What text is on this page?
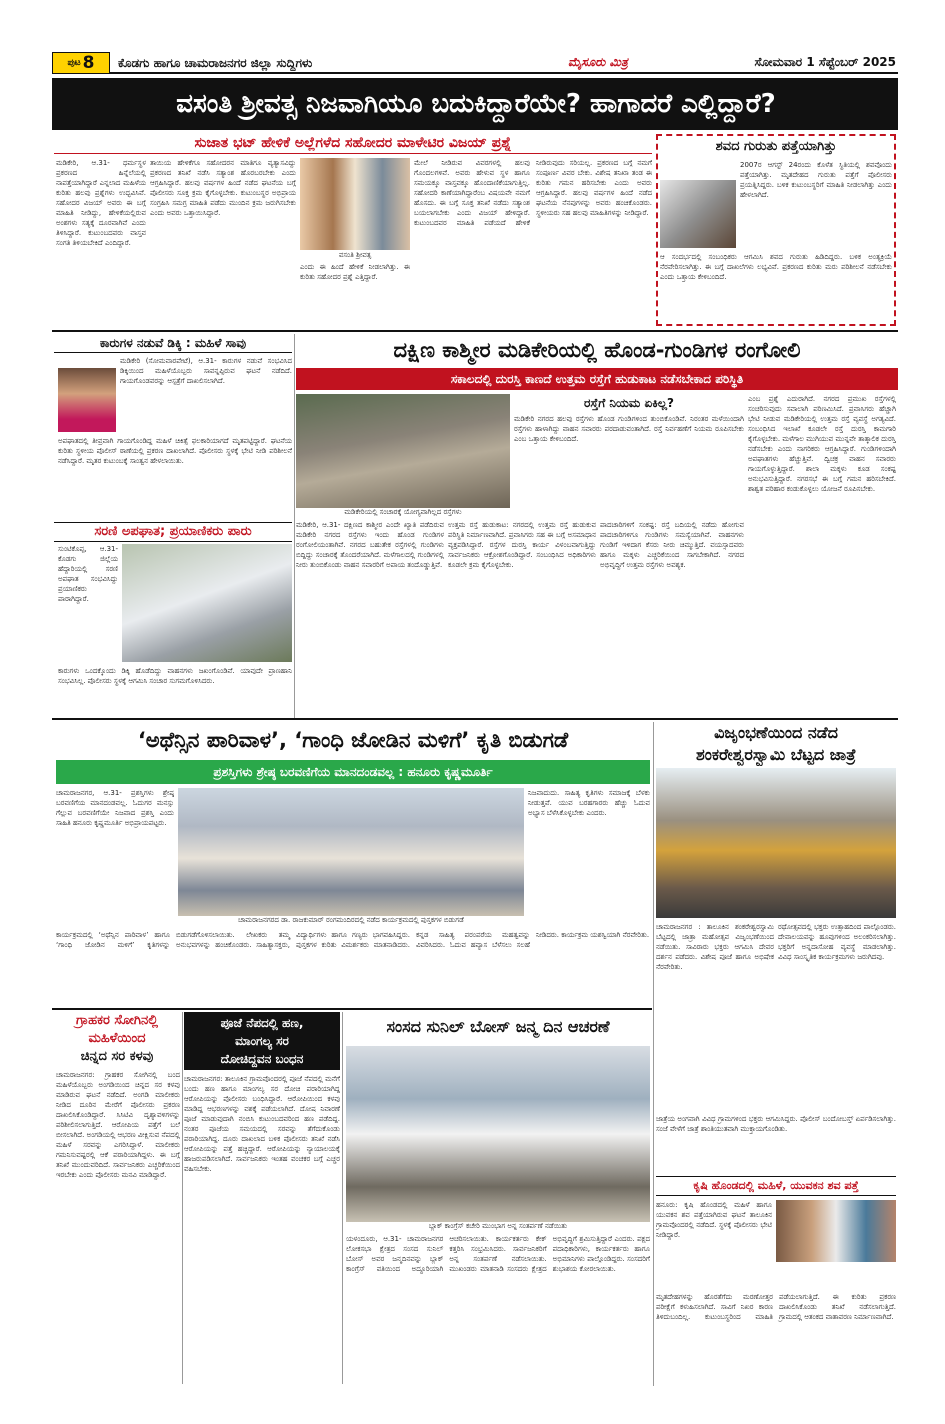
ಪುಟ 8 ಕೊಡಗು ಹಾಗೂ ಚಾಮರಾಜನಗರ ಜಿಲ್ಲಾ ಸುದ್ದಿಗಳು	ಮೈಸೂರು ಮಿತ್ರ	ಸೋಮವಾರ 1 ಸೆಪ್ಟೆಂಬರ್ 2025
ವಸಂತಿ ಶ್ರೀವತ್ಸ ನಿಜವಾಗಿಯೂ ಬದುಕಿದ್ದಾರೆಯೇ? ಹಾಗಾದರೆ ಎಲ್ಲಿದ್ದಾರೆ?
ಸುಜಾತ ಭಟ್ ಹೇಳಿಕೆ ಅಲ್ಲೆಗಳೆದ ಸಹೋದರ ಮಾಳೇಟಿರ ವಿಜಯ್ ಪ್ರಶ್ನೆ
ಮಡಿಕೇರಿ, ಆ.31- ಧರ್ಮಸ್ಥಳ ಪ್ರಕರಣದ ಹಿನ್ನೆಲೆಯಲ್ಲಿ ನಾಪತ್ತೆಯಾಗಿದ್ದಾರೆ ಎನ್ನಲಾದ ಮಹಿಳೆಯ ಕುರಿತು ಹಲವು ಪ್ರಶ್ನೆಗಳು ಉದ್ಭವಿಸಿವೆ. ಸಹೋದರ ವಿಜಯ್ ಅವರು ಈ ಬಗ್ಗೆ ಮಾಹಿತಿ ನೀಡಿದ್ದು, ಹೇಳಿಕೆಯಲ್ಲಿರುವ ಅಂಶಗಳು ಸತ್ಯಕ್ಕೆ ದೂರವಾಗಿವೆ ಎಂದು ತಿಳಿಸಿದ್ದಾರೆ. ಕುಟುಂಬದವರು ವಾಸ್ತವ ಸಂಗತಿ ತಿಳಿಯಬೇಕಿದೆ ಎಂದಿದ್ದಾರೆ.
ತಾಯಿಯ ಹೇಳಿಕೆಗೂ ಸಹೋದರನ ಮಾತಿಗೂ ವ್ಯತ್ಯಾಸವಿದ್ದು ಪ್ರಕರಣದ ತನಿಖೆ ನಡೆಸಿ ಸತ್ಯಾಂಶ ಹೊರಬರಬೇಕು ಎಂದು ಆಗ್ರಹಿಸಿದ್ದಾರೆ. ಹಲವು ವರ್ಷಗಳ ಹಿಂದೆ ನಡೆದ ಘಟನೆಯ ಬಗ್ಗೆ ಪೊಲೀಸರು ಸೂಕ್ತ ಕ್ರಮ ಕೈಗೊಳ್ಳಬೇಕು. ಕುಟುಂಬಸ್ಥರ ಅಭಿಪ್ರಾಯ ಸಂಗ್ರಹಿಸಿ ಸಮಗ್ರ ಮಾಹಿತಿ ಪಡೆದು ಮುಂದಿನ ಕ್ರಮ ಜರುಗಿಸಬೇಕು ಎಂದು ಅವರು ಒತ್ತಾಯಿಸಿದ್ದಾರೆ.
ವಸಂತಿ ಶ್ರೀವತ್ಸ
ಎಂದು ಈ ಹಿಂದೆ ಹೇಳಿಕೆ ನೀಡಲಾಗಿತ್ತು. ಈ ಕುರಿತು ಸಹೋದರ ಪ್ರಶ್ನೆ ಎತ್ತಿದ್ದಾರೆ.
ಮೇಲೆ ನೀಡಿರುವ ವಿವರಗಳಲ್ಲಿ ಹಲವು ಗೊಂದಲಗಳಿವೆ. ಅವರು ಹೇಳುವ ಸ್ಥಳ ಹಾಗೂ ಸಮಯಕ್ಕೂ ವಾಸ್ತವಕ್ಕೂ ಹೊಂದಾಣಿಕೆಯಾಗುತ್ತಿಲ್ಲ. ಸಹೋದರಿ ಕಾಣೆಯಾಗಿದ್ದಾರೆಂಬ ವಿಷಯವೇ ನಮಗೆ ಹೊಸದು. ಈ ಬಗ್ಗೆ ಸೂಕ್ತ ತನಿಖೆ ನಡೆದು ಸತ್ಯಾಂಶ ಬಯಲಾಗಬೇಕು ಎಂದು ವಿಜಯ್ ಹೇಳಿದ್ದಾರೆ. ಕುಟುಂಬದವರ ಮಾಹಿತಿ ಪಡೆಯದೆ ಹೇಳಿಕೆ ನೀಡಿರುವುದು ಸರಿಯಲ್ಲ. ಪ್ರಕರಣದ ಬಗ್ಗೆ ನಮಗೆ ಸಂಪೂರ್ಣ ವಿವರ ಬೇಕು. ವಿಶೇಷ ತನಿಖಾ ತಂಡ ಈ ಕುರಿತು ಗಮನ ಹರಿಸಬೇಕು ಎಂದು ಅವರು ಆಗ್ರಹಿಸಿದ್ದಾರೆ. ಹಲವು ವರ್ಷಗಳ ಹಿಂದೆ ನಡೆದ ಘಟನೆಯ ನೆನಪುಗಳನ್ನು ಅವರು ಹಂಚಿಕೊಂಡರು. ಸ್ಥಳೀಯರು ಸಹ ಹಲವು ಮಾಹಿತಿಗಳನ್ನು ನೀಡಿದ್ದಾರೆ.
ಶವದ ಗುರುತು ಪತ್ತೆಯಾಗಿತ್ತು
2007ರ ಆಗಸ್ಟ್ 24ರಂದು ಕೊಳೆತ ಸ್ಥಿತಿಯಲ್ಲಿ ಶವವೊಂದು ಪತ್ತೆಯಾಗಿತ್ತು. ಮೃತದೇಹದ ಗುರುತು ಪತ್ತೆಗೆ ಪೊಲೀಸರು ಪ್ರಯತ್ನಿಸಿದ್ದರು. ಬಳಿಕ ಕುಟುಂಬಸ್ಥರಿಗೆ ಮಾಹಿತಿ ನೀಡಲಾಗಿತ್ತು ಎಂದು ಹೇಳಲಾಗಿದೆ.
ಆ ಸಂದರ್ಭದಲ್ಲಿ ಸಂಬಂಧಿಕರು ಆಗಮಿಸಿ ಶವದ ಗುರುತು ಹಿಡಿದಿದ್ದರು. ಬಳಿಕ ಅಂತ್ಯಕ್ರಿಯೆ ನೆರವೇರಿಸಲಾಗಿತ್ತು. ಈ ಬಗ್ಗೆ ದಾಖಲೆಗಳು ಲಭ್ಯವಿವೆ. ಪ್ರಕರಣದ ಕುರಿತು ಮರು ಪರಿಶೀಲನೆ ನಡೆಸಬೇಕು ಎಂದು ಒತ್ತಾಯ ಕೇಳಿಬಂದಿದೆ.
ಕಾರುಗಳ ನಡುವೆ ಡಿಕ್ಕಿ : ಮಹಿಳೆ ಸಾವು
ಮಡಿಕೇರಿ (ಸೋಮವಾರಪೇಟೆ), ಆ.31- ಕಾರುಗಳ ನಡುವೆ ಸಂಭವಿಸಿದ ಡಿಕ್ಕಿಯಿಂದ ಮಹಿಳೆಯೊಬ್ಬರು ಸಾವನ್ನಪ್ಪಿರುವ ಘಟನೆ ನಡೆದಿದೆ. ಗಾಯಗೊಂಡವರನ್ನು ಆಸ್ಪತ್ರೆಗೆ ದಾಖಲಿಸಲಾಗಿದೆ.
ಅಪಘಾತದಲ್ಲಿ ತೀವ್ರವಾಗಿ ಗಾಯಗೊಂಡಿದ್ದ ಮಹಿಳೆ ಚಿಕಿತ್ಸೆ ಫಲಕಾರಿಯಾಗದೆ ಮೃತಪಟ್ಟಿದ್ದಾರೆ. ಘಟನೆಯ ಕುರಿತು ಸ್ಥಳೀಯ ಪೊಲೀಸ್ ಠಾಣೆಯಲ್ಲಿ ಪ್ರಕರಣ ದಾಖಲಾಗಿದೆ. ಪೊಲೀಸರು ಸ್ಥಳಕ್ಕೆ ಭೇಟಿ ನೀಡಿ ಪರಿಶೀಲನೆ ನಡೆಸಿದ್ದಾರೆ. ಮೃತರ ಕುಟುಂಬಕ್ಕೆ ಸಾಂತ್ವನ ಹೇಳಲಾಯಿತು.
ಸರಣಿ ಅಪಘಾತ; ಪ್ರಯಾಣಿಕರು ಪಾರು
ಸುಂಟಿಕೊಪ್ಪ, ಆ.31- ಕೊಡಗು ಜಿಲ್ಲೆಯ ಹೆದ್ದಾರಿಯಲ್ಲಿ ಸರಣಿ ಅಪಘಾತ ಸಂಭವಿಸಿದ್ದು ಪ್ರಯಾಣಿಕರು ಪಾರಾಗಿದ್ದಾರೆ.
ಕಾರುಗಳು ಒಂದಕ್ಕೊಂದು ಡಿಕ್ಕಿ ಹೊಡೆದಿದ್ದು ವಾಹನಗಳು ಜಖಂಗೊಂಡಿವೆ. ಯಾವುದೇ ಪ್ರಾಣಹಾನಿ ಸಂಭವಿಸಿಲ್ಲ. ಪೊಲೀಸರು ಸ್ಥಳಕ್ಕೆ ಆಗಮಿಸಿ ಸಂಚಾರ ಸುಗಮಗೊಳಿಸಿದರು.
ದಕ್ಷಿಣ ಕಾಶ್ಮೀರ ಮಡಿಕೇರಿಯಲ್ಲಿ ಹೊಂಡ-ಗುಂಡಿಗಳ ರಂಗೋಲಿ
ಸಕಾಲದಲ್ಲಿ ದುರಸ್ತಿ ಕಾಣದೆ ಉತ್ತಮ ರಸ್ತೆಗೆ ಹುಡುಕಾಟ ನಡೆಸಬೇಕಾದ ಪರಿಸ್ಥಿತಿ
ಮಡಿಕೇರಿಯಲ್ಲಿ ಸಂಚಾರಕ್ಕೆ ಯೋಗ್ಯವಾಗಿಲ್ಲದ ರಸ್ತೆಗಳು
ರಸ್ತೆಗೆ ನಿಯಮ ಏಕಿಲ್ಲ?
ಮಡಿಕೇರಿ ನಗರದ ಹಲವು ರಸ್ತೆಗಳು ಹೊಂಡ ಗುಂಡಿಗಳಿಂದ ತುಂಬಿಕೊಂಡಿವೆ. ನಿರಂತರ ಮಳೆಯಿಂದಾಗಿ ರಸ್ತೆಗಳು ಹಾಳಾಗಿದ್ದು ವಾಹನ ಸವಾರರು ಪರದಾಡುವಂತಾಗಿದೆ. ರಸ್ತೆ ನಿರ್ವಹಣೆಗೆ ನಿಯಮ ರೂಪಿಸಬೇಕು ಎಂಬ ಒತ್ತಾಯ ಕೇಳಿಬಂದಿದೆ.
ಎಂಬ ಪ್ರಶ್ನೆ ಎದುರಾಗಿದೆ. ನಗರದ ಪ್ರಮುಖ ರಸ್ತೆಗಳಲ್ಲಿ ಸಂಚರಿಸುವುದು ಸವಾಲಾಗಿ ಪರಿಣಮಿಸಿದೆ. ಪ್ರವಾಸಿಗರು ಹೆಚ್ಚಾಗಿ ಭೇಟಿ ನೀಡುವ ಮಡಿಕೇರಿಯಲ್ಲಿ ಉತ್ತಮ ರಸ್ತೆ ವ್ಯವಸ್ಥೆ ಅಗತ್ಯವಿದೆ. ಸಂಬಂಧಿಸಿದ ಇಲಾಖೆ ಕೂಡಲೇ ರಸ್ತೆ ದುರಸ್ತಿ ಕಾಮಗಾರಿ ಕೈಗೊಳ್ಳಬೇಕು. ಮಳೆಗಾಲ ಮುಗಿಯುವ ಮುನ್ನವೇ ತಾತ್ಕಾಲಿಕ ದುರಸ್ತಿ ನಡೆಸಬೇಕು ಎಂದು ನಾಗರಿಕರು ಆಗ್ರಹಿಸಿದ್ದಾರೆ. ಗುಂಡಿಗಳಿಂದಾಗಿ ಅಪಘಾತಗಳು ಹೆಚ್ಚುತ್ತಿವೆ. ದ್ವಿಚಕ್ರ ವಾಹನ ಸವಾರರು ಗಾಯಗೊಳ್ಳುತ್ತಿದ್ದಾರೆ. ಶಾಲಾ ಮಕ್ಕಳು ಕೂಡ ಸಂಕಷ್ಟ ಅನುಭವಿಸುತ್ತಿದ್ದಾರೆ. ನಗರಸಭೆ ಈ ಬಗ್ಗೆ ಗಮನ ಹರಿಸಬೇಕಿದೆ. ಶಾಶ್ವತ ಪರಿಹಾರ ಕಂಡುಕೊಳ್ಳಲು ಯೋಜನೆ ರೂಪಿಸಬೇಕು.
ಮಡಿಕೇರಿ, ಆ.31- ದಕ್ಷಿಣದ ಕಾಶ್ಮೀರ ಎಂದೇ ಖ್ಯಾತಿ ಪಡೆದಿರುವ ಮಡಿಕೇರಿ ನಗರದ ರಸ್ತೆಗಳು ಇಂದು ಹೊಂಡ ಗುಂಡಿಗಳ ರಂಗೋಲಿಯಂತಾಗಿವೆ. ನಗರದ ಬಹುತೇಕ ರಸ್ತೆಗಳಲ್ಲಿ ಗುಂಡಿಗಳು ಬಿದ್ದಿದ್ದು ಸಂಚಾರಕ್ಕೆ ತೊಂದರೆಯಾಗಿದೆ. ಮಳೆಗಾಲದಲ್ಲಿ ಗುಂಡಿಗಳಲ್ಲಿ ನೀರು ತುಂಬಿಕೊಂಡು ವಾಹನ ಸವಾರರಿಗೆ ಅಪಾಯ ತಂದೊಡ್ಡುತ್ತಿವೆ.
ಉತ್ತಮ ರಸ್ತೆ ಹುಡುಕಾಟ: ನಗರದಲ್ಲಿ ಉತ್ತಮ ರಸ್ತೆ ಹುಡುಕುವ ಪರಿಸ್ಥಿತಿ ನಿರ್ಮಾಣವಾಗಿದೆ. ಪ್ರವಾಸಿಗರು ಸಹ ಈ ಬಗ್ಗೆ ಅಸಮಾಧಾನ ವ್ಯಕ್ತಪಡಿಸಿದ್ದಾರೆ. ರಸ್ತೆಗಳ ದುರಸ್ತಿ ಕಾರ್ಯ ವಿಳಂಬವಾಗುತ್ತಿದ್ದು ಸಾರ್ವಜನಿಕರು ಆಕ್ರೋಶಗೊಂಡಿದ್ದಾರೆ. ಸಂಬಂಧಿಸಿದ ಅಧಿಕಾರಿಗಳು ಕೂಡಲೇ ಕ್ರಮ ಕೈಗೊಳ್ಳಬೇಕು.
ಪಾದಚಾರಿಗಳಿಗೆ ಸಂಕಷ್ಟ: ರಸ್ತೆ ಬದಿಯಲ್ಲಿ ನಡೆದು ಹೋಗುವ ಪಾದಚಾರಿಗಳಿಗೂ ಗುಂಡಿಗಳು ಸಮಸ್ಯೆಯಾಗಿವೆ. ವಾಹನಗಳು ಗುಂಡಿಗೆ ಇಳಿದಾಗ ಕೆಸರು ನೀರು ಚಿಮ್ಮುತ್ತಿದೆ. ವಯಸ್ಸಾದವರು ಹಾಗೂ ಮಕ್ಕಳು ಎಚ್ಚರಿಕೆಯಿಂದ ಸಾಗಬೇಕಾಗಿದೆ. ನಗರದ ಅಭಿವೃದ್ಧಿಗೆ ಉತ್ತಮ ರಸ್ತೆಗಳು ಅವಶ್ಯಕ.
‘ಅಥೆನ್ಸಿನ ಪಾರಿವಾಳ’, ‘ಗಾಂಧಿ ಜೋಡಿನ ಮಳಿಗೆ’ ಕೃತಿ ಬಿಡುಗಡೆ
ಪ್ರಶಸ್ತಿಗಳು ಶ್ರೇಷ್ಠ ಬರವಣಿಗೆಯ ಮಾನದಂಡವಲ್ಲ : ಹನೂರು ಕೃಷ್ಣಮೂರ್ತಿ
ಚಾಮರಾಜನಗರ, ಆ.31- ಪ್ರಶಸ್ತಿಗಳು ಶ್ರೇಷ್ಠ ಬರವಣಿಗೆಯ ಮಾನದಂಡವಲ್ಲ. ಓದುಗರ ಮನಸ್ಸು ಗೆಲ್ಲುವ ಬರವಣಿಗೆಯೇ ನಿಜವಾದ ಪ್ರಶಸ್ತಿ ಎಂದು ಸಾಹಿತಿ ಹನೂರು ಕೃಷ್ಣಮೂರ್ತಿ ಅಭಿಪ್ರಾಯಪಟ್ಟರು.
ಚಾಮರಾಜನಗರದ ಡಾ. ರಾಜಕುಮಾರ್ ರಂಗಮಂದಿರದಲ್ಲಿ ನಡೆದ ಕಾರ್ಯಕ್ರಮದಲ್ಲಿ ಪುಸ್ತಕಗಳ ಬಿಡುಗಡೆ
ನಿಜವಾದುದು. ಸಾಹಿತ್ಯ ಕೃತಿಗಳು ಸಮಾಜಕ್ಕೆ ಬೆಳಕು ನೀಡುತ್ತವೆ. ಯುವ ಬರಹಗಾರರು ಹೆಚ್ಚು ಓದುವ ಅಭ್ಯಾಸ ಬೆಳೆಸಿಕೊಳ್ಳಬೇಕು ಎಂದರು.
ಕಾರ್ಯಕ್ರಮದಲ್ಲಿ ‘ಅಥೆನ್ಸಿನ ಪಾರಿವಾಳ’ ಹಾಗೂ ‘ಗಾಂಧಿ ಜೋಡಿನ ಮಳಿಗೆ’ ಕೃತಿಗಳನ್ನು ಬಿಡುಗಡೆಗೊಳಿಸಲಾಯಿತು. ಲೇಖಕರು ತಮ್ಮ ಅನುಭವಗಳನ್ನು ಹಂಚಿಕೊಂಡರು. ಸಾಹಿತ್ಯಾಸಕ್ತರು, ವಿದ್ಯಾರ್ಥಿಗಳು ಹಾಗೂ ಗಣ್ಯರು ಭಾಗವಹಿಸಿದ್ದರು. ಪುಸ್ತಕಗಳ ಕುರಿತು ವಿಮರ್ಶಕರು ಮಾತನಾಡಿದರು. ಕನ್ನಡ ಸಾಹಿತ್ಯ ಪರಂಪರೆಯ ಮಹತ್ವವನ್ನು ವಿವರಿಸಿದರು. ಓದುವ ಹವ್ಯಾಸ ಬೆಳೆಸಲು ಸಲಹೆ ನೀಡಿದರು. ಕಾರ್ಯಕ್ರಮ ಯಶಸ್ವಿಯಾಗಿ ನೆರವೇರಿತು.
ವಿಜೃಂಭಣೆಯಿಂದ ನಡೆದ
ಶಂಕರೇಶ್ವರಸ್ವಾಮಿ ಬೆಟ್ಟದ ಜಾತ್ರೆ
ಚಾಮರಾಜನಗರ : ತಾಲೂಕಿನ ಶಂಕರೇಶ್ವರಸ್ವಾಮಿ ಬೆಟ್ಟದಲ್ಲಿ ಜಾತ್ರಾ ಮಹೋತ್ಸವ ವಿಜೃಂಭಣೆಯಿಂದ ನಡೆಯಿತು. ಸಾವಿರಾರು ಭಕ್ತರು ಆಗಮಿಸಿ ದೇವರ ದರ್ಶನ ಪಡೆದರು. ವಿಶೇಷ ಪೂಜೆ ಹಾಗೂ ಅಭಿಷೇಕ ನೆರವೇರಿತು.
ರಥೋತ್ಸವದಲ್ಲಿ ಭಕ್ತರು ಉತ್ಸಾಹದಿಂದ ಪಾಲ್ಗೊಂಡರು. ದೇವಾಲಯವನ್ನು ಹೂವುಗಳಿಂದ ಅಲಂಕರಿಸಲಾಗಿತ್ತು. ಭಕ್ತರಿಗೆ ಅನ್ನದಾಸೋಹ ವ್ಯವಸ್ಥೆ ಮಾಡಲಾಗಿತ್ತು. ವಿವಿಧ ಸಾಂಸ್ಕೃತಿಕ ಕಾರ್ಯಕ್ರಮಗಳು ಜರುಗಿದವು.
ಗ್ರಾಹಕರ ಸೋಗಿನಲ್ಲಿ
ಮಹಿಳೆಯಿಂದ
ಚಿನ್ನದ ಸರ ಕಳವು
ಚಾಮರಾಜನಗರ: ಗ್ರಾಹಕರ ಸೋಗಿನಲ್ಲಿ ಬಂದ ಮಹಿಳೆಯೊಬ್ಬರು ಅಂಗಡಿಯಿಂದ ಚಿನ್ನದ ಸರ ಕಳವು ಮಾಡಿರುವ ಘಟನೆ ನಡೆದಿದೆ. ಅಂಗಡಿ ಮಾಲೀಕರು ನೀಡಿದ ದೂರಿನ ಮೇರೆಗೆ ಪೊಲೀಸರು ಪ್ರಕರಣ ದಾಖಲಿಸಿಕೊಂಡಿದ್ದಾರೆ. ಸಿಸಿಟಿವಿ ದೃಶ್ಯಾವಳಿಗಳನ್ನು ಪರಿಶೀಲಿಸಲಾಗುತ್ತಿದೆ. ಆರೋಪಿಯ ಪತ್ತೆಗೆ ಬಲೆ ಬೀಸಲಾಗಿದೆ. ಅಂಗಡಿಯಲ್ಲಿ ಆಭರಣ ವೀಕ್ಷಿಸುವ ನೆಪದಲ್ಲಿ ಮಹಿಳೆ ಸರವನ್ನು ಎಗರಿಸಿದ್ದಾಳೆ. ಮಾಲೀಕರು ಗಮನಿಸುವಷ್ಟರಲ್ಲಿ ಆಕೆ ಪರಾರಿಯಾಗಿದ್ದಳು. ಈ ಬಗ್ಗೆ ತನಿಖೆ ಮುಂದುವರಿದಿದೆ. ಸಾರ್ವಜನಿಕರು ಎಚ್ಚರಿಕೆಯಿಂದ ಇರಬೇಕು ಎಂದು ಪೊಲೀಸರು ಮನವಿ ಮಾಡಿದ್ದಾರೆ.
ಪೂಜೆ ನೆಪದಲ್ಲಿ ಹಣ,
ಮಾಂಗಲ್ಯ ಸರ
ದೋಚಿದ್ದವನ ಬಂಧನ
ಚಾಮರಾಜನಗರ: ತಾಲೂಕಿನ ಗ್ರಾಮವೊಂದರಲ್ಲಿ ಪೂಜೆ ನೆಪದಲ್ಲಿ ಮನೆಗೆ ಬಂದು ಹಣ ಹಾಗೂ ಮಾಂಗಲ್ಯ ಸರ ದೋಚಿ ಪರಾರಿಯಾಗಿದ್ದ ಆರೋಪಿಯನ್ನು ಪೊಲೀಸರು ಬಂಧಿಸಿದ್ದಾರೆ. ಆರೋಪಿಯಿಂದ ಕಳವು ಮಾಡಿದ್ದ ಆಭರಣಗಳನ್ನು ವಶಕ್ಕೆ ಪಡೆಯಲಾಗಿದೆ. ದೋಷ ನಿವಾರಣೆ ಪೂಜೆ ಮಾಡುವುದಾಗಿ ನಂಬಿಸಿ ಕುಟುಂಬದವರಿಂದ ಹಣ ಪಡೆದಿದ್ದ. ನಂತರ ಪೂಜೆಯ ಸಮಯದಲ್ಲಿ ಸರವನ್ನು ತೆಗೆದುಕೊಂಡು ಪರಾರಿಯಾಗಿದ್ದ. ದೂರು ದಾಖಲಾದ ಬಳಿಕ ಪೊಲೀಸರು ತನಿಖೆ ನಡೆಸಿ ಆರೋಪಿಯನ್ನು ಪತ್ತೆ ಹಚ್ಚಿದ್ದಾರೆ. ಆರೋಪಿಯನ್ನು ನ್ಯಾಯಾಲಯಕ್ಕೆ ಹಾಜರುಪಡಿಸಲಾಗಿದೆ. ಸಾರ್ವಜನಿಕರು ಇಂತಹ ವಂಚಕರ ಬಗ್ಗೆ ಎಚ್ಚರ ವಹಿಸಬೇಕು.
ಸಂಸದ ಸುನಿಲ್ ಬೋಸ್ ಜನ್ಮ ದಿನ ಆಚರಣೆ
ಬ್ಲಾಕ್ ಕಾಂಗ್ರೆಸ್ ಕಚೇರಿ ಮುಂಭಾಗ ಅನ್ನ ಸಂತರ್ಪಣೆ ನಡೆಯಿತು
ಯಳಂದೂರು, ಆ.31- ಚಾಮರಾಜನಗರ ಲೋಕಸಭಾ ಕ್ಷೇತ್ರದ ಸಂಸದ ಸುನಿಲ್ ಬೋಸ್ ಅವರ ಜನ್ಮದಿನವನ್ನು ಬ್ಲಾಕ್ ಕಾಂಗ್ರೆಸ್ ವತಿಯಿಂದ ಅದ್ಧೂರಿಯಾಗಿ ಆಚರಿಸಲಾಯಿತು. ಕಾರ್ಯಕರ್ತರು ಕೇಕ್ ಕತ್ತರಿಸಿ ಸಂಭ್ರಮಿಸಿದರು. ಸಾರ್ವಜನಿಕರಿಗೆ ಅನ್ನ ಸಂತರ್ಪಣೆ ನಡೆಸಲಾಯಿತು. ಮುಖಂಡರು ಮಾತನಾಡಿ ಸಂಸದರು ಕ್ಷೇತ್ರದ ಅಭಿವೃದ್ಧಿಗೆ ಶ್ರಮಿಸುತ್ತಿದ್ದಾರೆ ಎಂದರು. ಪಕ್ಷದ ಪದಾಧಿಕಾರಿಗಳು, ಕಾರ್ಯಕರ್ತರು ಹಾಗೂ ಅಭಿಮಾನಿಗಳು ಪಾಲ್ಗೊಂಡಿದ್ದರು. ಸಂಸದರಿಗೆ ಶುಭಾಶಯ ಕೋರಲಾಯಿತು.
ಜಾತ್ರೆಯ ಅಂಗವಾಗಿ ವಿವಿಧ ಗ್ರಾಮಗಳಿಂದ ಭಕ್ತರು ಆಗಮಿಸಿದ್ದರು. ಪೊಲೀಸ್ ಬಂದೋಬಸ್ತ್ ಏರ್ಪಡಿಸಲಾಗಿತ್ತು. ಸಂಜೆ ವೇಳೆಗೆ ಜಾತ್ರೆ ಶಾಂತಿಯುತವಾಗಿ ಮುಕ್ತಾಯಗೊಂಡಿತು.
ಕೃಷಿ ಹೊಂಡದಲ್ಲಿ ಮಹಿಳೆ, ಯುವಕನ ಶವ ಪತ್ತೆ
ಹನೂರು: ಕೃಷಿ ಹೊಂಡದಲ್ಲಿ ಮಹಿಳೆ ಹಾಗೂ ಯುವಕನ ಶವ ಪತ್ತೆಯಾಗಿರುವ ಘಟನೆ ತಾಲೂಕಿನ ಗ್ರಾಮವೊಂದರಲ್ಲಿ ನಡೆದಿದೆ. ಸ್ಥಳಕ್ಕೆ ಪೊಲೀಸರು ಭೇಟಿ ನೀಡಿದ್ದಾರೆ.
ಮೃತದೇಹಗಳನ್ನು ಹೊರತೆಗೆದು ಮರಣೋತ್ತರ ಪರೀಕ್ಷೆಗೆ ಕಳುಹಿಸಲಾಗಿದೆ. ಸಾವಿಗೆ ನಿಖರ ಕಾರಣ ತಿಳಿದುಬಂದಿಲ್ಲ. ಕುಟುಂಬಸ್ಥರಿಂದ ಮಾಹಿತಿ ಪಡೆಯಲಾಗುತ್ತಿದೆ. ಈ ಕುರಿತು ಪ್ರಕರಣ ದಾಖಲಿಸಿಕೊಂಡು ತನಿಖೆ ನಡೆಸಲಾಗುತ್ತಿದೆ. ಗ್ರಾಮದಲ್ಲಿ ಆತಂಕದ ವಾತಾವರಣ ನಿರ್ಮಾಣವಾಗಿದೆ.
